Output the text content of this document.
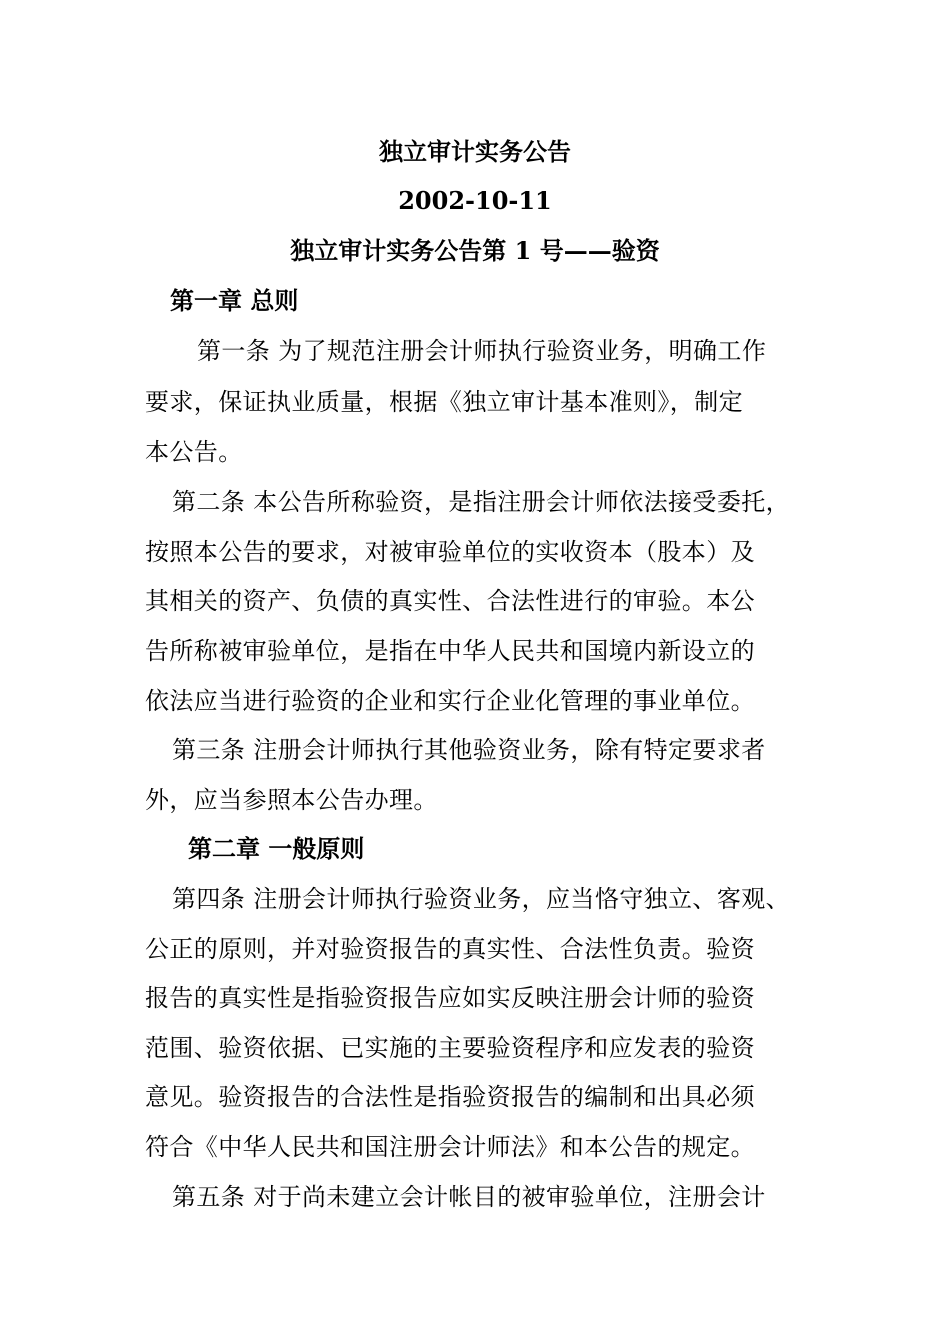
独立审计实务公告
2002-10-11
独立审计实务公告第 1 号——验资
第一章 总则
第一条 为了规范注册会计师执行验资业务，明确工作
要求，保证执业质量，根据《独立审计基本准则》，制定
本公告。
第二条 本公告所称验资，是指注册会计师依法接受委托，
按照本公告的要求，对被审验单位的实收资本（股本）及
其相关的资产、负债的真实性、合法性进行的审验。本公
告所称被审验单位，是指在中华人民共和国境内新设立的
依法应当进行验资的企业和实行企业化管理的事业单位。
第三条 注册会计师执行其他验资业务，除有特定要求者
外，应当参照本公告办理。
第二章 一般原则
第四条 注册会计师执行验资业务，应当恪守独立、客观、
公正的原则，并对验资报告的真实性、合法性负责。验资
报告的真实性是指验资报告应如实反映注册会计师的验资
范围、验资依据、已实施的主要验资程序和应发表的验资
意见。验资报告的合法性是指验资报告的编制和出具必须
符合《中华人民共和国注册会计师法》和本公告的规定。
第五条 对于尚未建立会计帐目的被审验单位，注册会计
